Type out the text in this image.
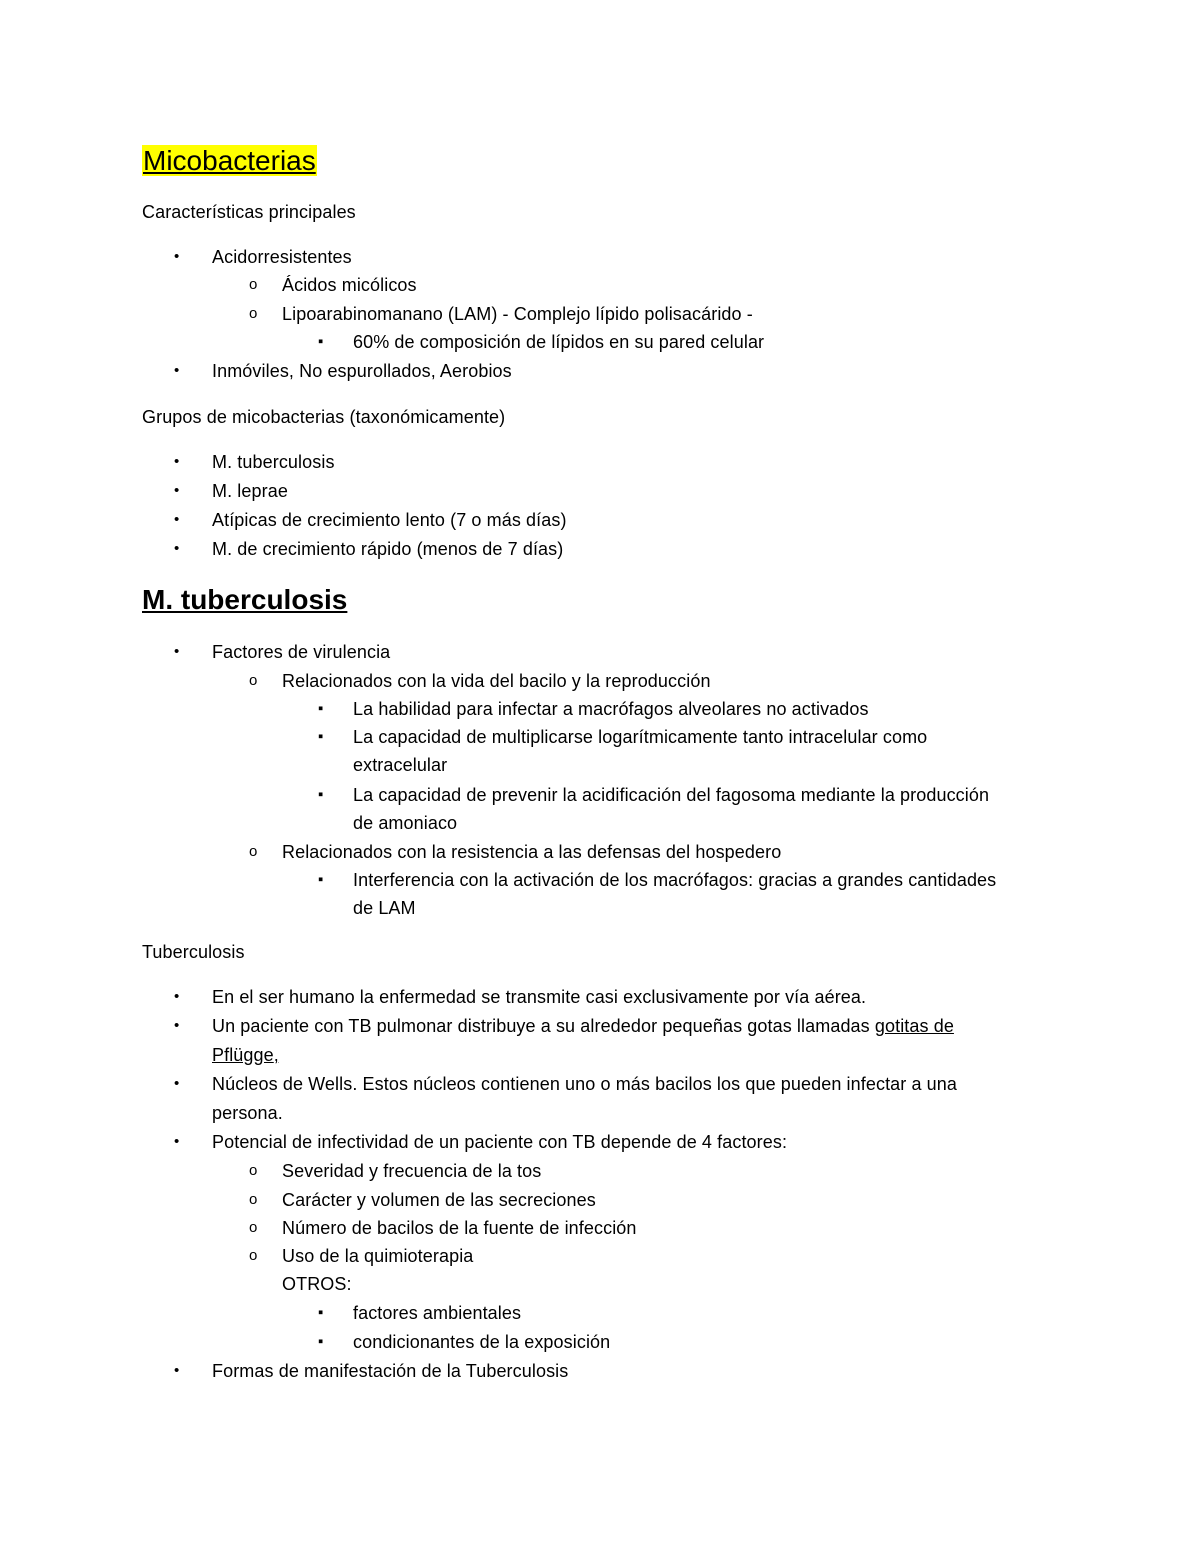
Micobacterias
Características principales
• Acidorresistentes
o Ácidos micólicos
o Lipoarabinomanano (LAM) - Complejo lípido polisacárido -
▪ 60% de composición de lípidos en su pared celular
• Inmóviles, No espurollados, Aerobios
Grupos de micobacterias (taxonómicamente)
• M. tuberculosis
• M. leprae
• Atípicas de crecimiento lento (7 o más días)
• M. de crecimiento rápido (menos de 7 días)
M. tuberculosis
• Factores de virulencia
o Relacionados con la vida del bacilo y la reproducción
▪ La habilidad para infectar a macrófagos alveolares no activados
▪ La capacidad de multiplicarse logarítmicamente tanto intracelular como
extracelular
▪ La capacidad de prevenir la acidificación del fagosoma mediante la producción
de amoniaco
o Relacionados con la resistencia a las defensas del hospedero
▪ Interferencia con la activación de los macrófagos: gracias a grandes cantidades
de LAM
Tuberculosis
• En el ser humano la enfermedad se transmite casi exclusivamente por vía aérea.
• Un paciente con TB pulmonar distribuye a su alrededor pequeñas gotas llamadas gotitas de
Pflügge,
• Núcleos de Wells. Estos núcleos contienen uno o más bacilos los que pueden infectar a una
persona.
• Potencial de infectividad de un paciente con TB depende de 4 factores:
o Severidad y frecuencia de la tos
o Carácter y volumen de las secreciones
o Número de bacilos de la fuente de infección
o Uso de la quimioterapia
OTROS:
▪ factores ambientales
▪ condicionantes de la exposición
• Formas de manifestación de la Tuberculosis
